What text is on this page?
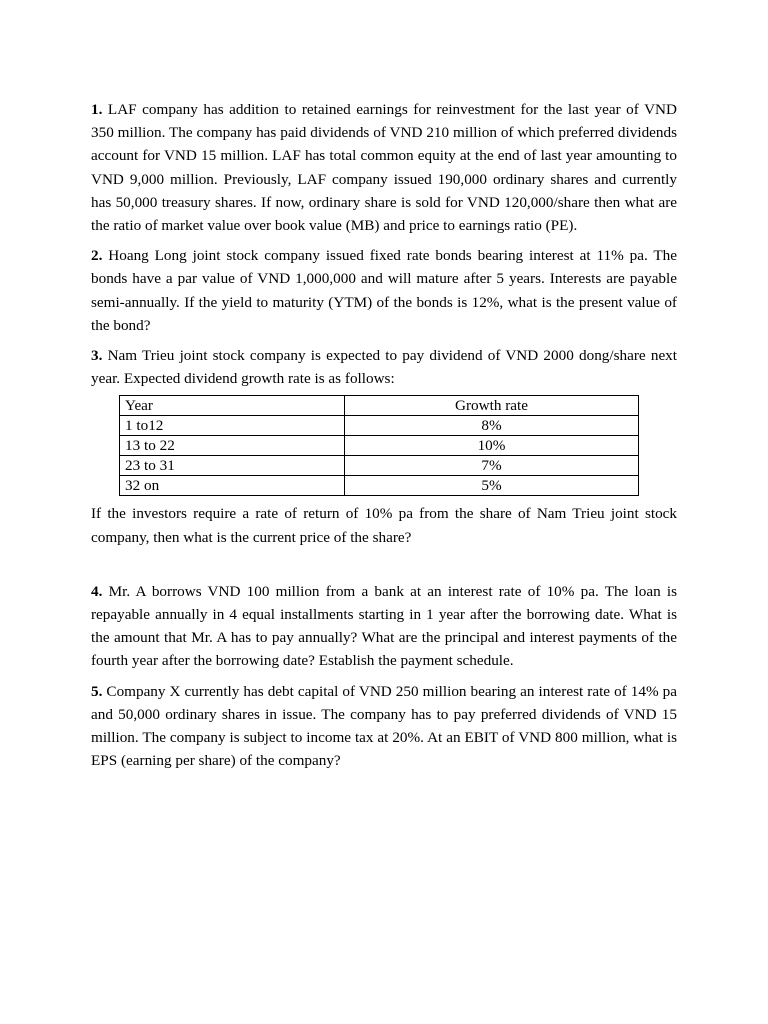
1. LAF company has addition to retained earnings for reinvestment for the last year of VND 350 million. The company has paid dividends of VND 210 million of which preferred dividends account for VND 15 million. LAF has total common equity at the end of last year amounting to VND 9,000 million. Previously, LAF company issued 190,000 ordinary shares and currently has 50,000 treasury shares. If now, ordinary share is sold for VND 120,000/share then what are the ratio of market value over book value (MB) and price to earnings ratio (PE).

2. Hoang Long joint stock company issued fixed rate bonds bearing interest at 11% pa. The bonds have a par value of VND 1,000,000 and will mature after 5 years. Interests are payable semi-annually. If the yield to maturity (YTM) of the bonds is 12%, what is the present value of the bond?

3. Nam Trieu joint stock company is expected to pay dividend of VND 2000 dong/share next year. Expected dividend growth rate is as follows:

Year	Growth rate
1 to12	8%
13 to 22	10%
23 to 31	7%
32 on	5%

If the investors require a rate of return of 10% pa from the share of Nam Trieu joint stock company, then what is the current price of the share?

4. Mr. A borrows VND 100 million from a bank at an interest rate of 10% pa. The loan is repayable annually in 4 equal installments starting in 1 year after the borrowing date. What is the amount that Mr. A has to pay annually? What are the principal and interest payments of the fourth year after the borrowing date? Establish the payment schedule.

5. Company X currently has debt capital of VND 250 million bearing an interest rate of 14% pa and 50,000 ordinary shares in issue. The company has to pay preferred dividends of VND 15 million. The company is subject to income tax at 20%. At an EBIT of VND 800 million, what is EPS (earning per share) of the company?
